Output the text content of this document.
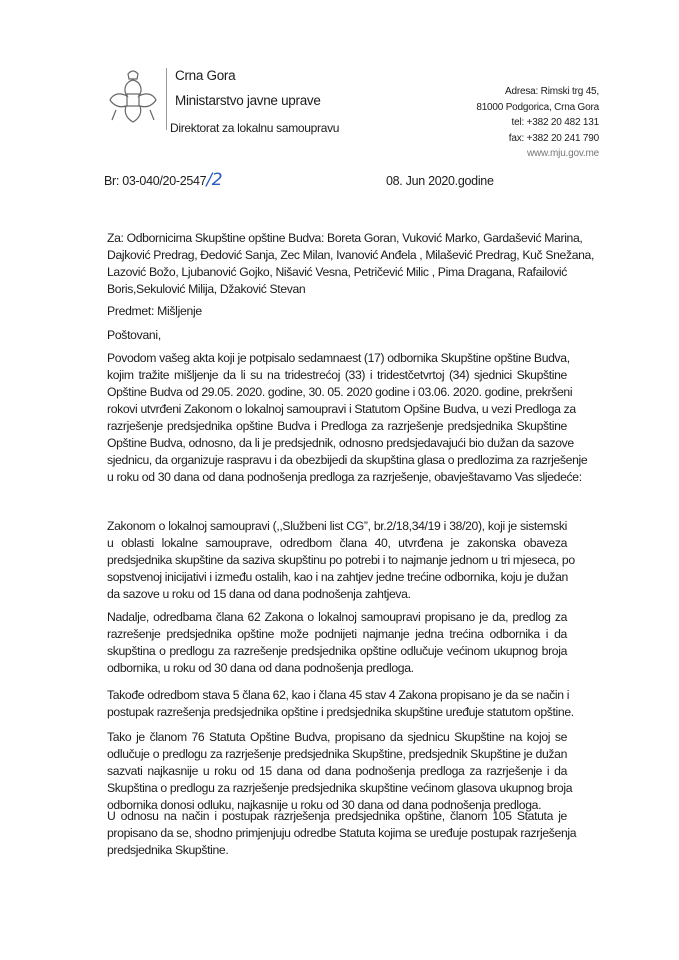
Crna Gora
Ministarstvo javne uprave
Direktorat za lokalnu samoupravu
Adresa: Rimski trg 45,
81000 Podgorica, Crna Gora
tel: +382 20 482 131
fax: +382 20 241 790
www.mju.gov.me
Br: 03-040/20-2547/2	08. Jun 2020.godine
Za: Odbornicima Skupštine opštine Budva: Boreta Goran, Vuković Marko, Gardašević Marina,
Dajković Predrag, Đedović Sanja, Zec Milan, Ivanović Anđela , Milašević Predrag, Kuč Snežana,
Lazović Božo, Ljubanović Gojko, Nišavić Vesna, Petričević Milic , Pima Dragana, Rafailović
Boris,Sekulović Milija, Džaković Stevan
Predmet: Mišljenje
Poštovani,
Povodom vašeg akta koji je potpisalo sedamnaest (17) odbornika Skupštine opštine Budva,
kojim tražite mišljenje da li su na tridestrećoj (33) i tridestčetvrtoj (34) sjednici Skupštine
Opštine Budva od 29.05. 2020. godine, 30. 05. 2020 godine i 03.06. 2020. godine, prekršeni
rokovi utvrđeni Zakonom o lokalnoj samoupravi i Statutom Opšine Budva, u vezi Predloga za
razrješenje predsjednika opštine Budva i Predloga za razrješenje predsjednika Skupštine
Opštine Budva, odnosno, da li je predsjednik, odnosno predsjedavajući bio dužan da sazove
sjednicu, da organizuje raspravu i da obezbijedi da skupština glasa o predlozima za razrješenje
u roku od 30 dana od dana podnošenja predloga za razrješenje, obavještavamo Vas sljedeće:
Zakonom o lokalnoj samoupravi (,,Službeni list CG”, br.2/18,34/19 i 38/20), koji je sistemski
u oblasti lokalne samouprave, odredbom člana 40, utvrđena je zakonska obaveza
predsjednika skupštine da saziva skupštinu po potrebi i to najmanje jednom u tri mjeseca, po
sopstvenoj inicijativi i između ostalih, kao i na zahtjev jedne trećine odbornika, koju je dužan
da sazove u roku od 15 dana od dana podnošenja zahtjeva.
Nadalje, odredbama člana 62 Zakona o lokalnoj samoupravi propisano je da, predlog za
razrešenje predsjednika opštine može podnijeti najmanje jedna trećina odbornika i da
skupština o predlogu za razrešenje predsjednika opštine odlučuje većinom ukupnog broja
odbornika, u roku od 30 dana od dana podnošenja predloga.
Takođe odredbom stava 5 člana 62, kao i člana 45 stav 4 Zakona propisano je da se način i
postupak razrešenja predsjednika opštine i predsjednika skupštine uređuje statutom opštine.
Tako je članom 76 Statuta Opštine Budva, propisano da sjednicu Skupštine na kojoj se
odlučuje o predlogu za razrješenje predsjednika Skupštine, predsjednik Skupštine je dužan
sazvati najkasnije u roku od 15 dana od dana podnošenja predloga za razrješenje i da
Skupština o predlogu za razrješenje predsjednika skupštine većinom glasova ukupnog broja
odbornika donosi odluku, najkasnije u roku od 30 dana od dana podnošenja predloga.
U odnosu na način i postupak razrješenja predsjednika opštine, članom 105 Statuta je
propisano da se, shodno primjenjuju odredbe Statuta kojima se uređuje postupak razrješenja
predsjednika Skupštine.
